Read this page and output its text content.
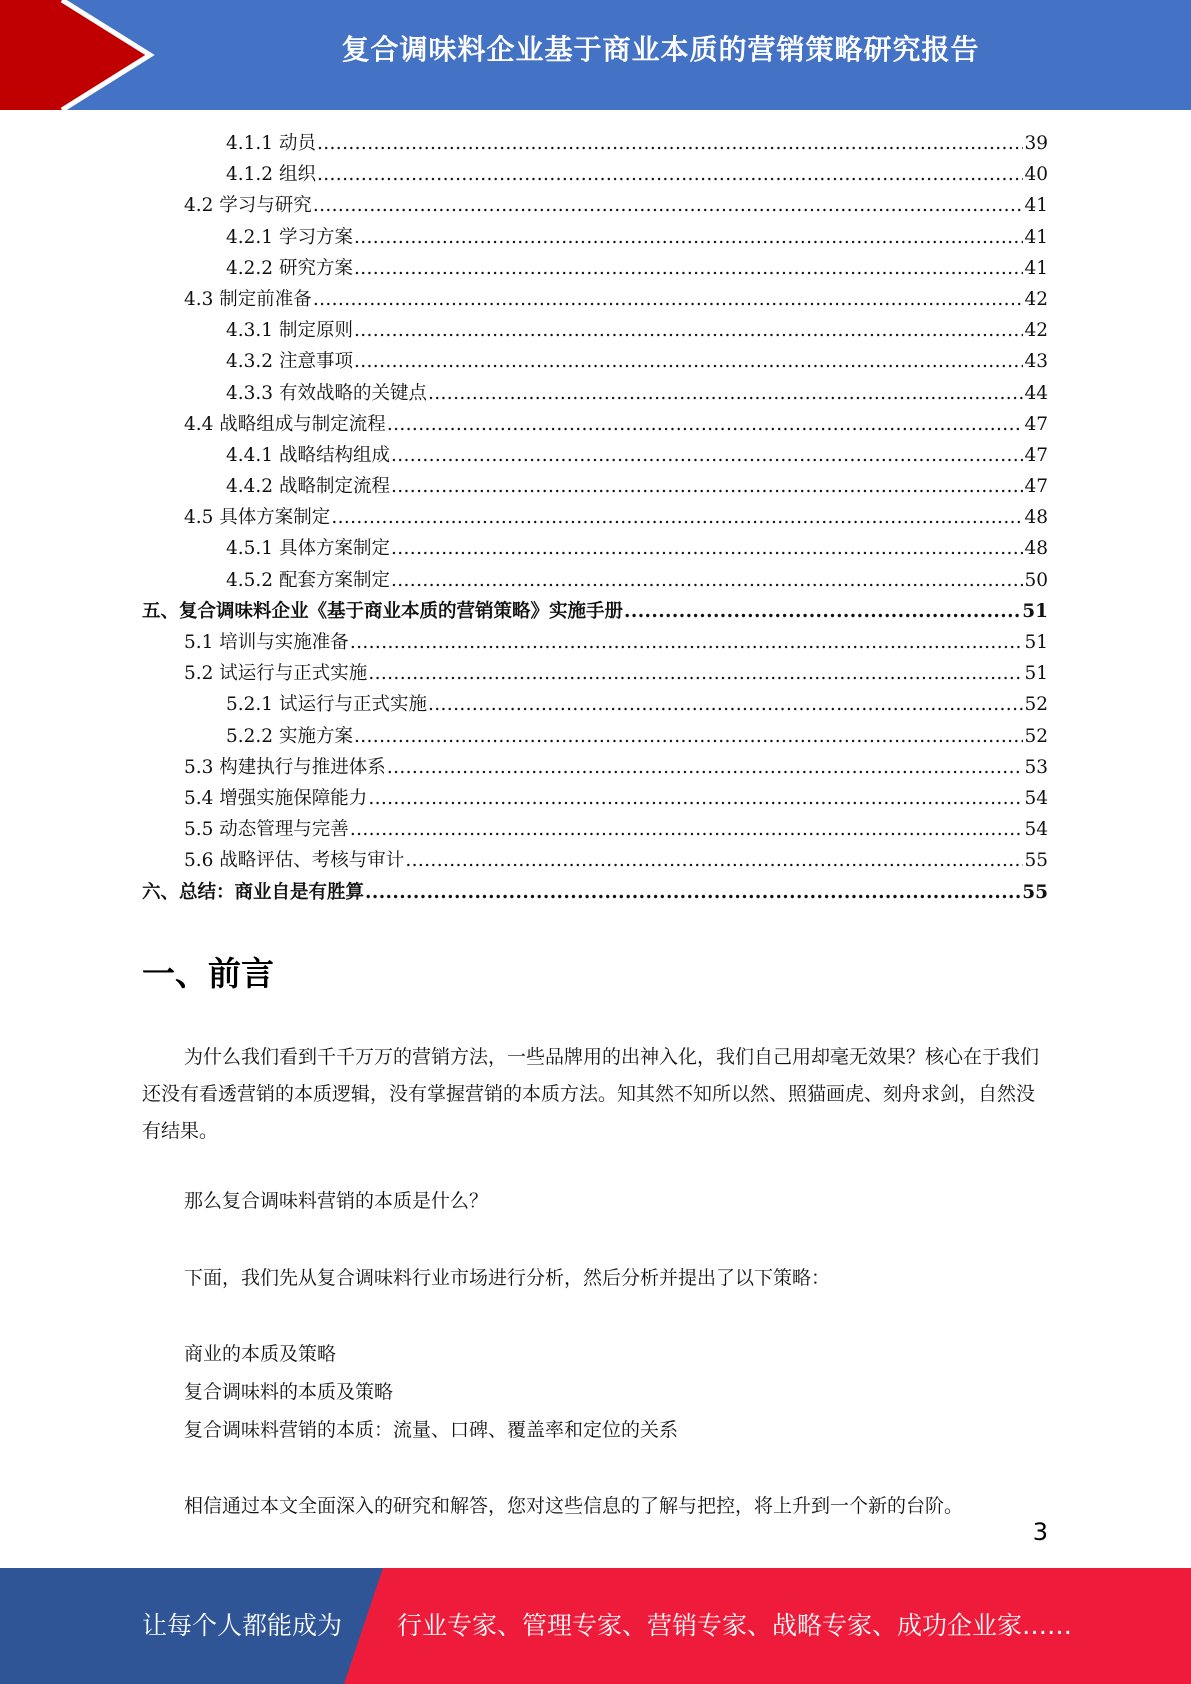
复合调味料企业基于商业本质的营销策略研究报告
4.1.1 动员 .....	39
4.1.2 组织 .....	40
4.2 学习与研究 .....	41
4.2.1 学习方案 .....	41
4.2.2 研究方案 .....	41
4.3 制定前准备 .....	42
4.3.1 制定原则 .....	42
4.3.2 注意事项 .....	43
4.3.3 有效战略的关键点 .....	44
4.4 战略组成与制定流程 .....	47
4.4.1 战略结构组成 .....	47
4.4.2 战略制定流程 .....	47
4.5 具体方案制定 .....	48
4.5.1 具体方案制定 .....	48
4.5.2 配套方案制定 .....	50
五、复合调味料企业《基于商业本质的营销策略》实施手册 .....	51
5.1 培训与实施准备 .....	51
5.2 试运行与正式实施 .....	51
5.2.1 试运行与正式实施 .....	52
5.2.2 实施方案 .....	52
5.3 构建执行与推进体系 .....	53
5.4 增强实施保障能力 .....	54
5.5 动态管理与完善 .....	54
5.6 战略评估、考核与审计 .....	55
六、总结：商业自是有胜算 .....	55
一、前言

为什么我们看到千千万万的营销方法，一些品牌用的出神入化，我们自己用却毫无效果？核心在于我们还没有看透营销的本质逻辑，没有掌握营销的本质方法。知其然不知所以然、照猫画虎、刻舟求剑，自然没有结果。

那么复合调味料营销的本质是什么？

下面，我们先从复合调味料行业市场进行分析，然后分析并提出了以下策略：

商业的本质及策略
复合调味料的本质及策略
复合调味料营销的本质：流量、口碑、覆盖率和定位的关系

相信通过本文全面深入的研究和解答，您对这些信息的了解与把控，将上升到一个新的台阶。

3
让每个人都能成为 行业专家、管理专家、营销专家、战略专家、成功企业家……
